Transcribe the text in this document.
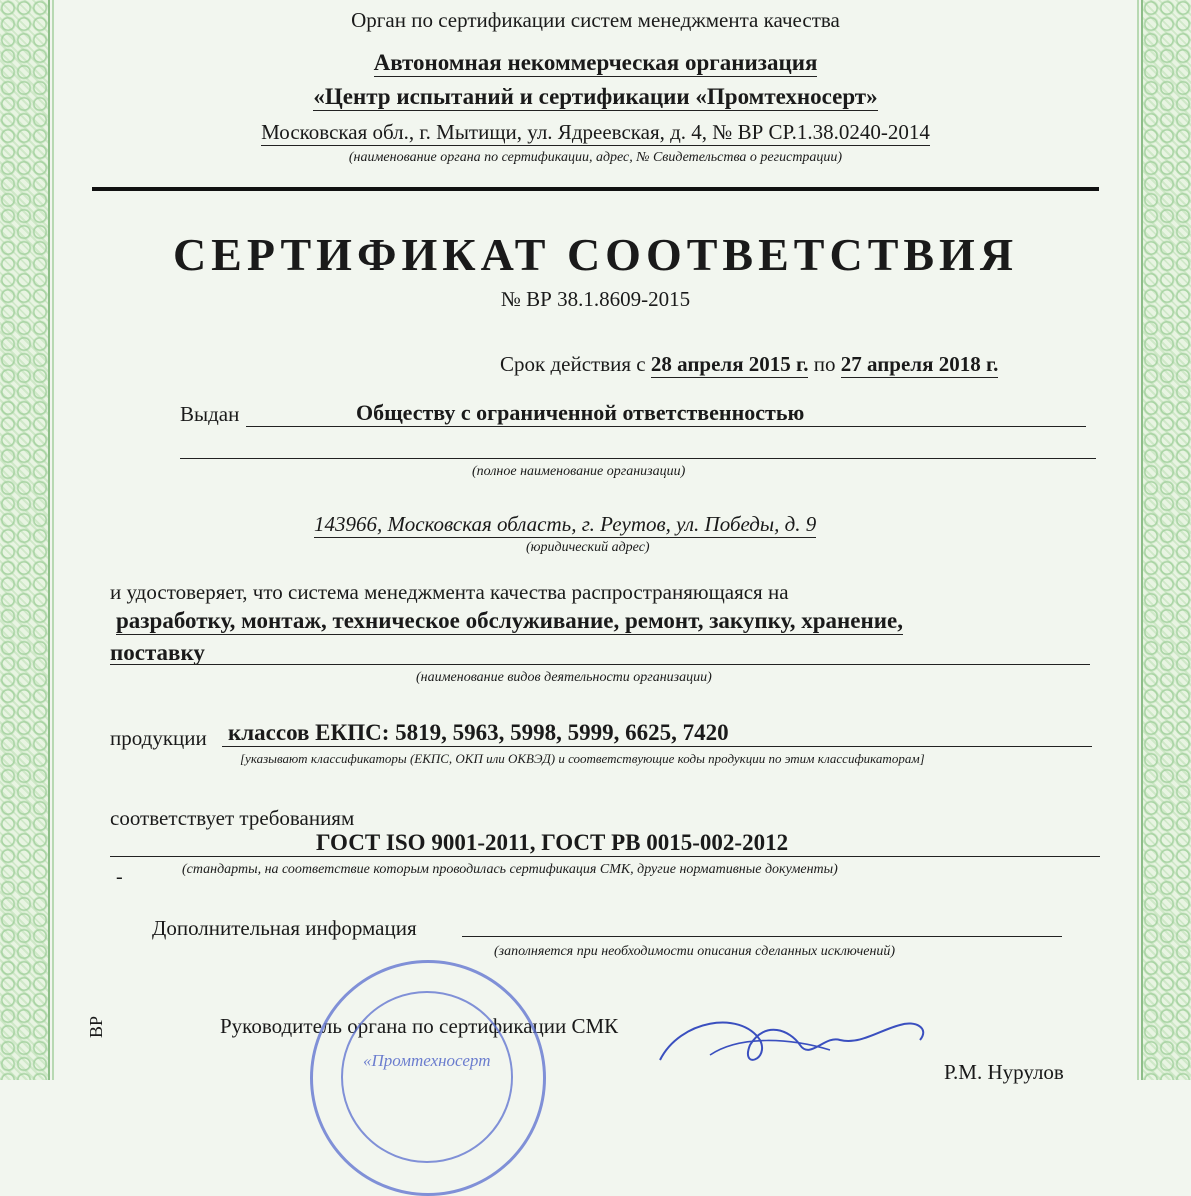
Орган по сертификации систем менеджмента качества
Автономная некоммерческая организация
«Центр испытаний и сертификации «Промтехносерт»
Московская обл., г. Мытищи, ул. Ядреевская, д. 4, № ВР СР.1.38.0240-2014
(наименование органа по сертификации, адрес, № Свидетельства о регистрации)
СЕРТИФИКАТ СООТВЕТСТВИЯ
№ ВР 38.1.8609-2015
Срок действия с 28 апреля 2015 г. по 27 апреля 2018 г.
Выдан	Обществу с ограниченной ответственностью
(полное наименование организации)
143966, Московская область, г. Реутов, ул. Победы, д. 9
(юридический адрес)
и удостоверяет, что система менеджмента качества распространяющаяся на
разработку, монтаж, техническое обслуживание, ремонт, закупку, хранение,
поставку
(наименование видов деятельности организации)
продукции классов ЕКПС: 5819, 5963, 5998, 5999, 6625, 7420
[указывают классификаторы (ЕКПС, ОКП или ОКВЭД) и соответствующие коды продукции по этим классификаторам]
соответствует требованиям
ГОСТ ISO 9001-2011, ГОСТ РВ 0015-002-2012
-	(стандарты, на соответствие которым проводилась сертификация СМК, другие нормативные документы)
Дополнительная информация
(заполняется при необходимости описания сделанных исключений)
Руководитель органа по сертификации СМК
Р.М. Нурулов
ВР
«Промтехносерт
